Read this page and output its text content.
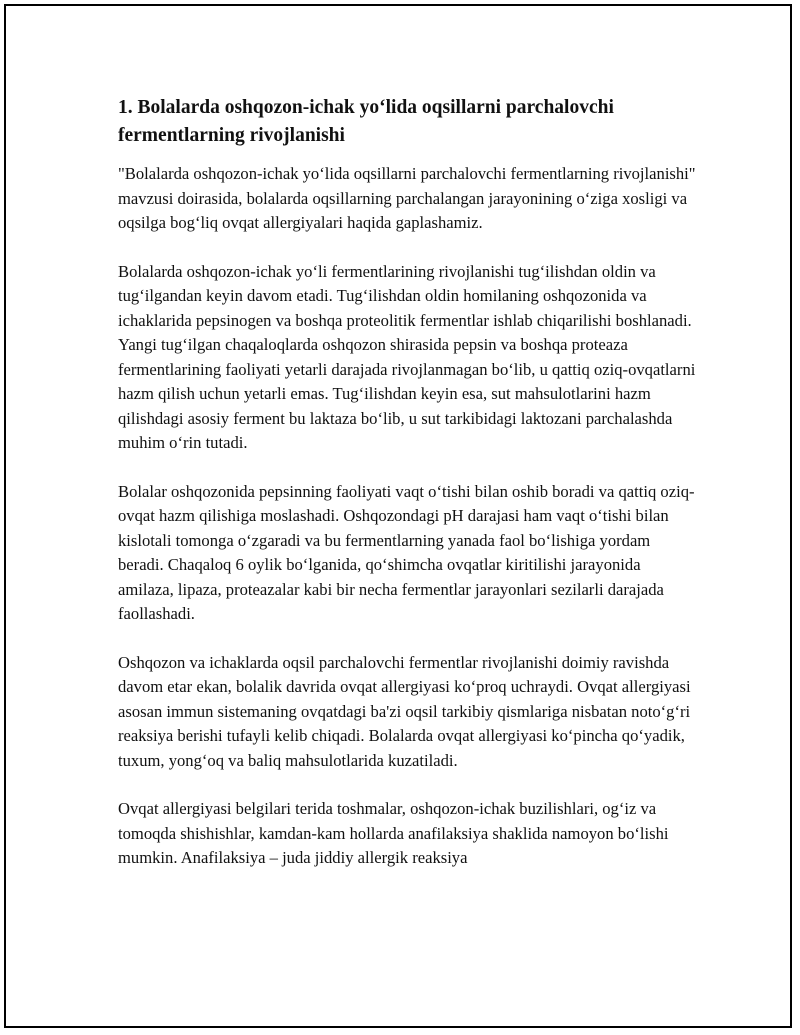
1. Bolalarda oshqozon-ichak yo‘lida oqsillarni parchalovchi fermentlarning rivojlanishi

"Bolalarda oshqozon-ichak yo‘lida oqsillarni parchalovchi fermentlarning rivojlanishi" mavzusi doirasida, bolalarda oqsillarning parchalangan jarayonining o‘ziga xosligi va oqsilga bog‘liq ovqat allergiyalari haqida gaplashamiz.

Bolalarda oshqozon-ichak yo‘li fermentlarining rivojlanishi tug‘ilishdan oldin va tug‘ilgandan keyin davom etadi. Tug‘ilishdan oldin homilaning oshqozonida va ichaklarida pepsinogen va boshqa proteolitik fermentlar ishlab chiqarilishi boshlanadi. Yangi tug‘ilgan chaqaloqlarda oshqozon shirasida pepsin va boshqa proteaza fermentlarining faoliyati yetarli darajada rivojlanmagan bo‘lib, u qattiq oziq-ovqatlarni hazm qilish uchun yetarli emas. Tug‘ilishdan keyin esa, sut mahsulotlarini hazm qilishdagi asosiy ferment bu laktaza bo‘lib, u sut tarkibidagi laktozani parchalashda muhim o‘rin tutadi.

Bolalar oshqozonida pepsinning faoliyati vaqt o‘tishi bilan oshib boradi va qattiq oziq-ovqat hazm qilishiga moslashadi. Oshqozondagi pH darajasi ham vaqt o‘tishi bilan kislotali tomonga o‘zgaradi va bu fermentlarning yanada faol bo‘lishiga yordam beradi. Chaqaloq 6 oylik bo‘lganida, qo‘shimcha ovqatlar kiritilishi jarayonida amilaza, lipaza, proteazalar kabi bir necha fermentlar jarayonlari sezilarli darajada faollashadi.

Oshqozon va ichaklarda oqsil parchalovchi fermentlar rivojlanishi doimiy ravishda davom etar ekan, bolalik davrida ovqat allergiyasi ko‘proq uchraydi. Ovqat allergiyasi asosan immun sistemaning ovqatdagi ba'zi oqsil tarkibiy qismlariga nisbatan noto‘g‘ri reaksiya berishi tufayli kelib chiqadi. Bolalarda ovqat allergiyasi ko‘pincha qo‘yadik, tuxum, yong‘oq va baliq mahsulotlarida kuzatiladi.

Ovqat allergiyasi belgilari terida toshmalar, oshqozon-ichak buzilishlari, og‘iz va tomoqda shishishlar, kamdan-kam hollarda anafilaksiya shaklida namoyon bo‘lishi mumkin. Anafilaksiya – juda jiddiy allergik reaksiya
